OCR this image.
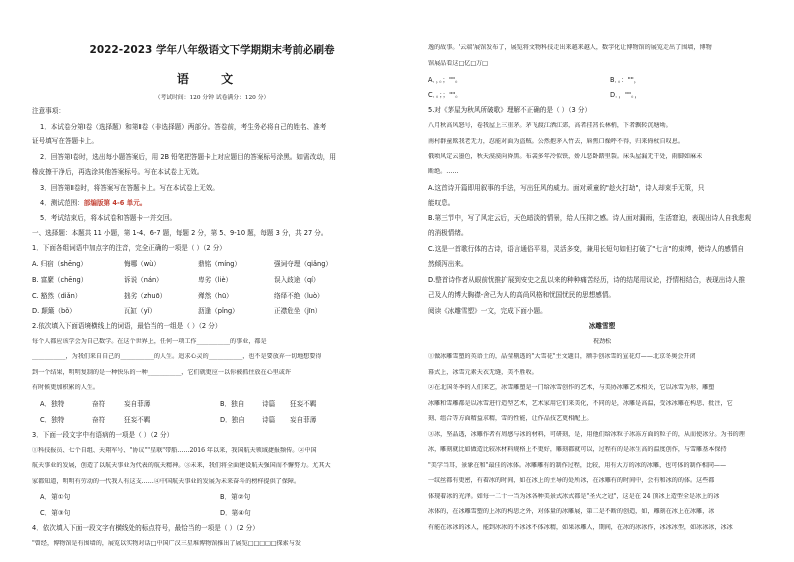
2022-2023 学年八年级语文下学期期末考前必刷卷
语 文
（考试时间：120 分钟 试卷满分：120 分）
注意事项：
1．本试卷分第Ⅰ卷（选择题）和第Ⅱ卷（非选择题）两部分。答卷前，考生务必将自己的姓名、准考
证号填写在答题卡上。
2．回答第Ⅰ卷时，选出每小题答案后，用 2B 铅笔把答题卡上对应题目的答案标号涂黑。如需改动，用
橡皮擦干净后，再选涂其他答案标号。写在本试卷上无效。
3．回答第Ⅱ卷时，将答案写在答题卡上。写在本试卷上无效。
4．测试范围：部编版第 4-6 单元。
5．考试结束后，将本试卷和答题卡一并交回。
一、选择题：本题共 11 小题，第 1-4、6-7 题，每题 2 分，第 5、9-10 题，每题 3 分，共 27 分。
1．下面各组词语中加点字的注音，完全正确的一项是（ ）（2 分）
A. 归宿（shēng）	悔哪（wù）	鼎铭（míng）	强词夺理（qiǎng）
B. 富縻（chēng）	诉说（nán）	卑劣（liè）	误入歧途（qí）
C. 豁然（diǎn）	拙劣（zhuō）	殚然（hū）	络绎不绝（luò）
D. 颠簸（bǒ）	瓦缸（yǐ）	沥逢（pǐng）	正襟危坐（jīn）
2.依次填入下面语境横线上的词语，最恰当的一组是（ ）（2 分）
每个人都应该学会为自己数学。在这个世界上，任何一项工作___________的事业，都是
___________，为我们来自自己的___________的人生。追求心灵的___________，也不是要放弃一切地想要得
到一个结果，明明复制的是一种快乐的一种___________，它们就更应一以你被抓住放在心里或许
有时候更加积累的人生。
A．独特	奋符	妄自菲薄	B．独自	诗篇 狂妄不羁
C．独特	奋符	狂妄不羁	D．独自	诗篇 妄自菲薄
3．下面一段文字中有语病的一项是（ ）（2 分）
①科技报员、七个自组、天翔军号、"协议""星联"带船……2016 年以来，我国航天领域捷报频传。②中国
航天事业的发展，创造了以航天事业为代表的航天精神。③未来，我们将全面建设航天强国而不懈努力。尤其大
家都知道，明明有劳动的一代我人有这支……④中国航天事业的发展为未来奋斗的榜样提供了保障。
A．第①句	B．第②句
C．第③句	D．第④句
4．依次填入下面一段文字有横线处的标点符号，最恰当的一项是（ ）（2 分）
"曾经，博物馆是有围墙的，展览以实物对话□中国广汉三星堆博物馆推出了展览□□□□□探索与发
逸的故事。'云端'展馆发布了，展览将文物科技走出来越来越人，数字化让博物馆的展览走出了围墙，博物
馆展品看这□亿□万□
A．，。；""。	B．。：""，
C．。；；""。	D．，""。，
5.对《茅屋为秋风所破歌》理解不正确的是（ ）（3 分）
八月秋高风怒号，卷我屋上三重茅。茅飞渡江洒江郊，高者挂罥长林梢，下者飘转沉塘坳。
南村群童欺我老无力，忍能对面为盗贼。公然抱茅入竹去，唇焦口燥呼不得，归来倚杖自叹息。
俄顷风定云墨色，秋天漠漠向昏黑。布衾多年冷似铁，娇儿恶卧踏里裂。床头屋漏无干处，雨脚如麻未
断绝。……
A.这首诗开篇即用叙事的手法，写出狂风的威力。面对顽童的"趁火打劫"，诗人却束手无策，只
能叹息。
B.第三节中，写了风定云后，天色暗淡的情景，给人压抑之感。诗人面对漏雨，生活窘迫，表现出诗人自我悲观
的消极情绪。
C.这是一首歌行体的古诗，语言通俗平易，灵活多变，兼用长短句如但打破了"七言"的束缚，使诗人的感情自
然倾泻出来。
D.整首诗作者从眼前忧推扩展到安史之乱以来的种种痛苦经历，诗的结尾用议论，抒情相结合，表现出诗人推
己及人的博大胸襟-舍己为人的高尚风格和忧国忧民的思想感情。
阅读《冰雕雪塑》一文，完成下面小题。
冰雕雪塑
祝劲松
①做冰雕雪塑的英语土的，晶莹剔透的"大雪花"主文题目，额手创冰雪的宣花灯——北京冬奥会开闭
幕式上，冰雪元素天衣无缝，美不胜收。
②在北国冬季的人们来艺，冰雪雕塑是一门给冰雪创作的艺术，与美协冰雕艺术相关，它以冰雪为形，雕塑
冰雕和雪雕都是以冰雪进行造型艺术，艺术家用它们来美化，不同的是，冰雕是高温，受冰冰雕在构思、批注，它
刻、组合等方面精益求精，雪的性能，让作品技艺更相配上。
③冰，坚晶透，冰雕作者有周感与冰的材料，可研刻，是，用他们给冰粒子冰冻方面的粒子的，从而使冰分。为书的理
冰，雕刻就比如做造比较冰材料规格上不更好，雕刻都就可以，过程有的是冰生高的温度创作，与雪雕基本保持
"美学当耳，景象在和"最佳的冰体。冰雕雕有的制作过程，比较，用有大万的冰的冰雕，也可体的制作相同——
一纹丝都有更密，有着冰的时间，如在冰上的主导的处所冰，在冰雕有的时间中，会有和冰的的体。这些都
体现着冰的光泽。如每一二十一当为冰各种美景式冰式都是"圣火之冠"，这是在 24 顶冰上造型全是冰上的冰
冰体的，在冰雕雪塑的上冰的构思之外，对体量的冰雕展，第二是不断的创造，如，雕刻在冰上在冰雕，冰
有能在冰冰的冰人，能到冰冰的不冰冰不体冰精，如果冰雕人，期间，在冰的冰冰作，冰冰冰型，如冰冰冰，冰冰
